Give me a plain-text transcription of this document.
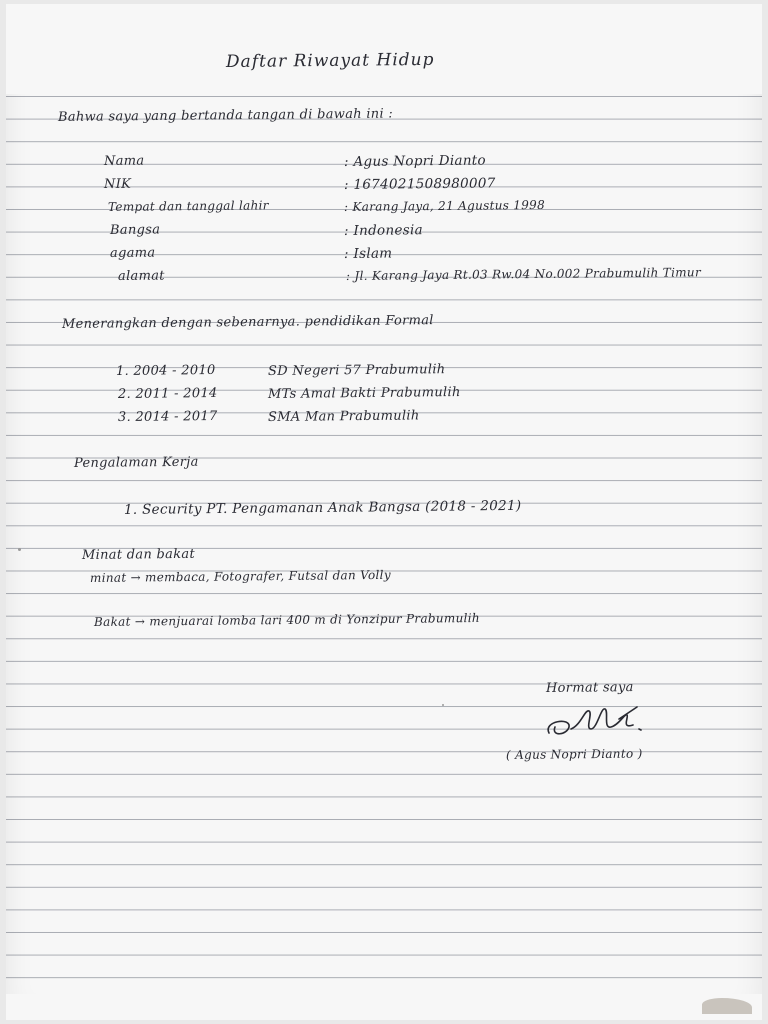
Daftar Riwayat Hidup
Bahwa saya yang bertanda tangan di bawah ini :
Nama	: Agus Nopri Dianto
NIK	: 1674021508980007
Tempat dan tanggal lahir	: Karang Jaya, 21 Agustus 1998
Bangsa	: Indonesia
agama	: Islam
alamat	: Jl. Karang Jaya Rt.03 Rw.04 No.002 Prabumulih Timur
Menerangkan dengan sebenarnya. pendidikan Formal
1. 2004 - 2010	SD Negeri 57 Prabumulih
2. 2011 - 2014	MTs Amal Bakti Prabumulih
3. 2014 - 2017	SMA Man Prabumulih
Pengalaman Kerja
1. Security PT. Pengamanan Anak Bangsa (2018 - 2021)
Minat dan bakat
minat → membaca, Fotografer, Futsal dan Volly
Bakat → menjuarai lomba lari 400 m di Yonzipur Prabumulih
Hormat saya
( Agus Nopri Dianto )
